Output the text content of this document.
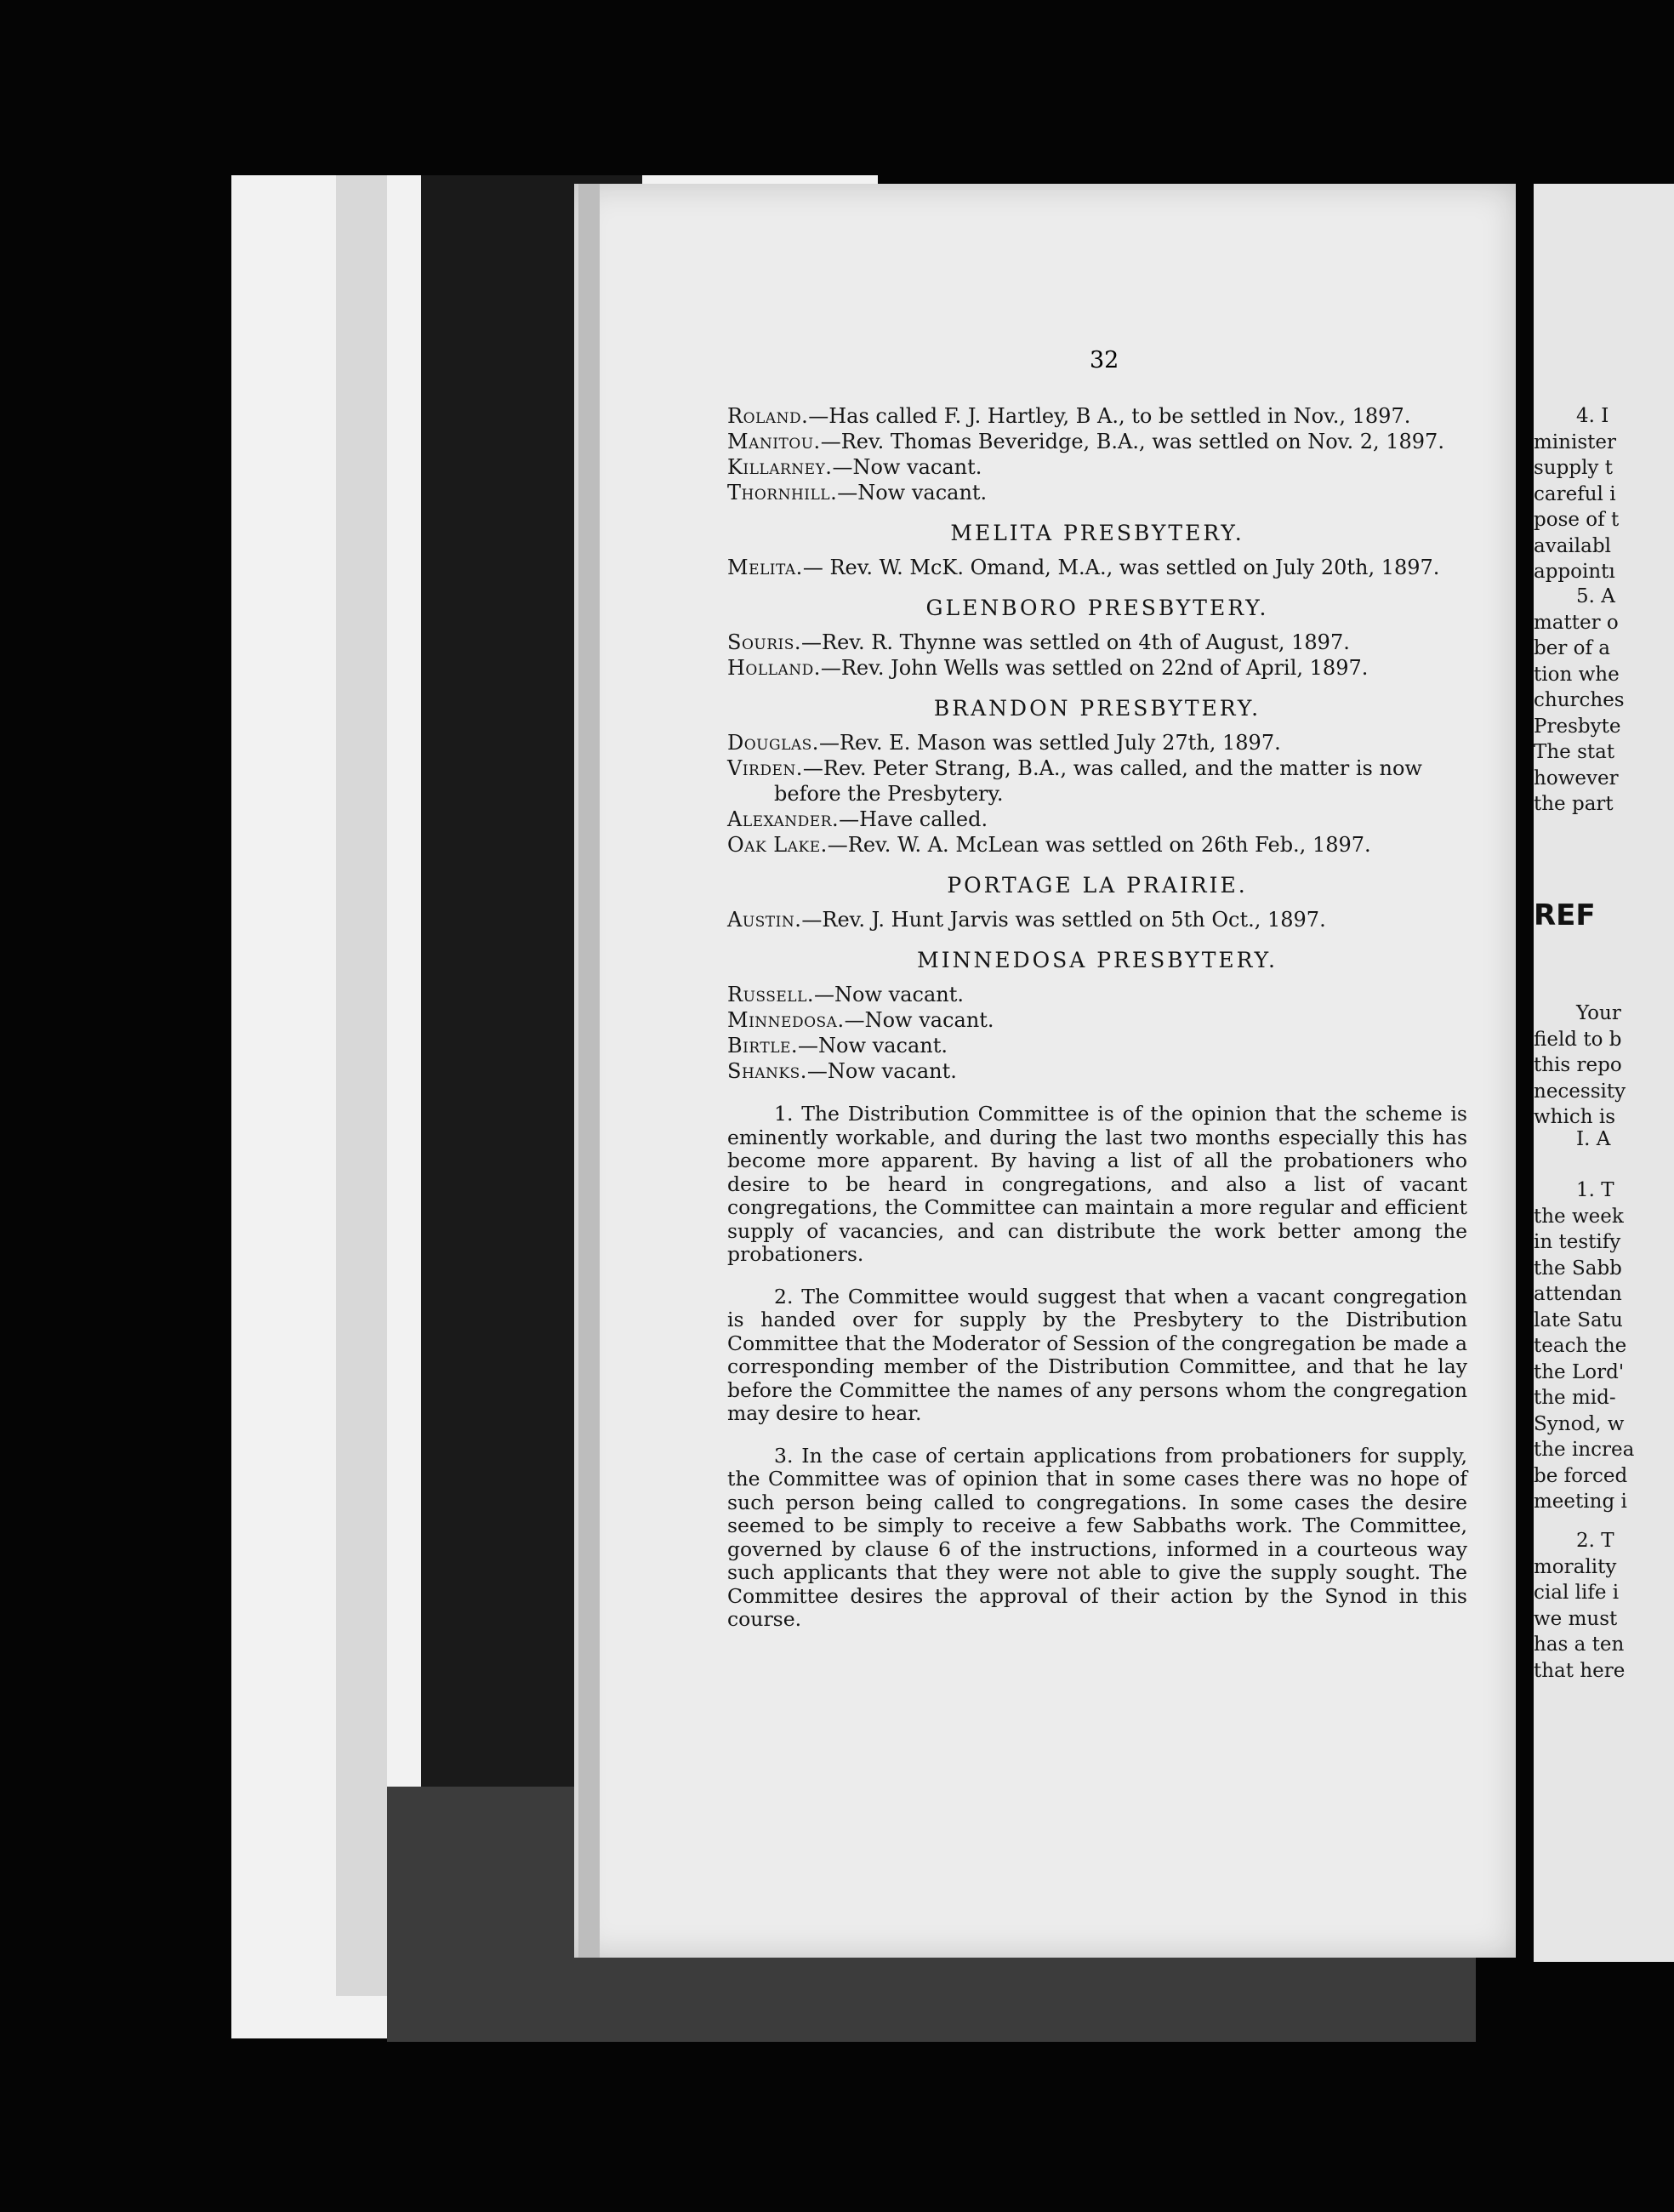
32

Roland.—Has called F. J. Hartley, B A., to be settled in Nov., 1897.

Manitou.—Rev. Thomas Beveridge, B.A., was settled on Nov. 2, 1897.

Killarney.—Now vacant.

Thornhill.—Now vacant.

MELITA PRESBYTERY.

Melita.— Rev. W. McK. Omand, M.A., was settled on July 20th, 1897.

GLENBORO PRESBYTERY.

Souris.—Rev. R. Thynne was settled on 4th of August, 1897.

Holland.—Rev. John Wells was settled on 22nd of April, 1897.

BRANDON PRESBYTERY.

Douglas.—Rev. E. Mason was settled July 27th, 1897.

Virden.—Rev. Peter Strang, B.A., was called, and the matter is now before the Presbytery.

Alexander.—Have called.

Oak Lake.—Rev. W. A. McLean was settled on 26th Feb., 1897.

PORTAGE LA PRAIRIE.

Austin.—Rev. J. Hunt Jarvis was settled on 5th Oct., 1897.

MINNEDOSA PRESBYTERY.

Russell.—Now vacant.

Minnedosa.—Now vacant.

Birtle.—Now vacant.

Shanks.—Now vacant.

1. The Distribution Committee is of the opinion that the scheme is eminently workable, and during the last two months especially this has become more apparent. By having a list of all the probationers who desire to be heard in congregations, and also a list of vacant congregations, the Committee can maintain a more regular and efficient supply of vacancies, and can distribute the work better among the probationers.

2. The Committee would suggest that when a vacant congregation is handed over for supply by the Presbytery to the Distribution Committee that the Moderator of Session of the congregation be made a corresponding member of the Distribution Committee, and that he lay before the Committee the names of any persons whom the congregation may desire to hear.

3. In the case of certain applications from probationers for supply, the Committee was of opinion that in some cases there was no hope of such person being called to congregations. In some cases the desire seemed to be simply to receive a few Sabbaths work. The Committee, governed by clause 6 of the instructions, informed in a courteous way such applicants that they were not able to give the supply sought. The Committee desires the approval of their action by the Synod in this course.

4. I
minister
supply t
careful i
pose of t
availabl
appointı
5. A
matter o
ber of a
tion whe
churches
Presbyte
The stat
however
the part
REF
Your
field to b
this repo
necessity
which is
I. A
1. T
the week
in testify
the Sabb
attendan
late Satu
teach the
the Lord'
the mid-
Synod, w
the increa
be forced
meeting i
2. T
morality
cial life i
we must
has a ten
that here
